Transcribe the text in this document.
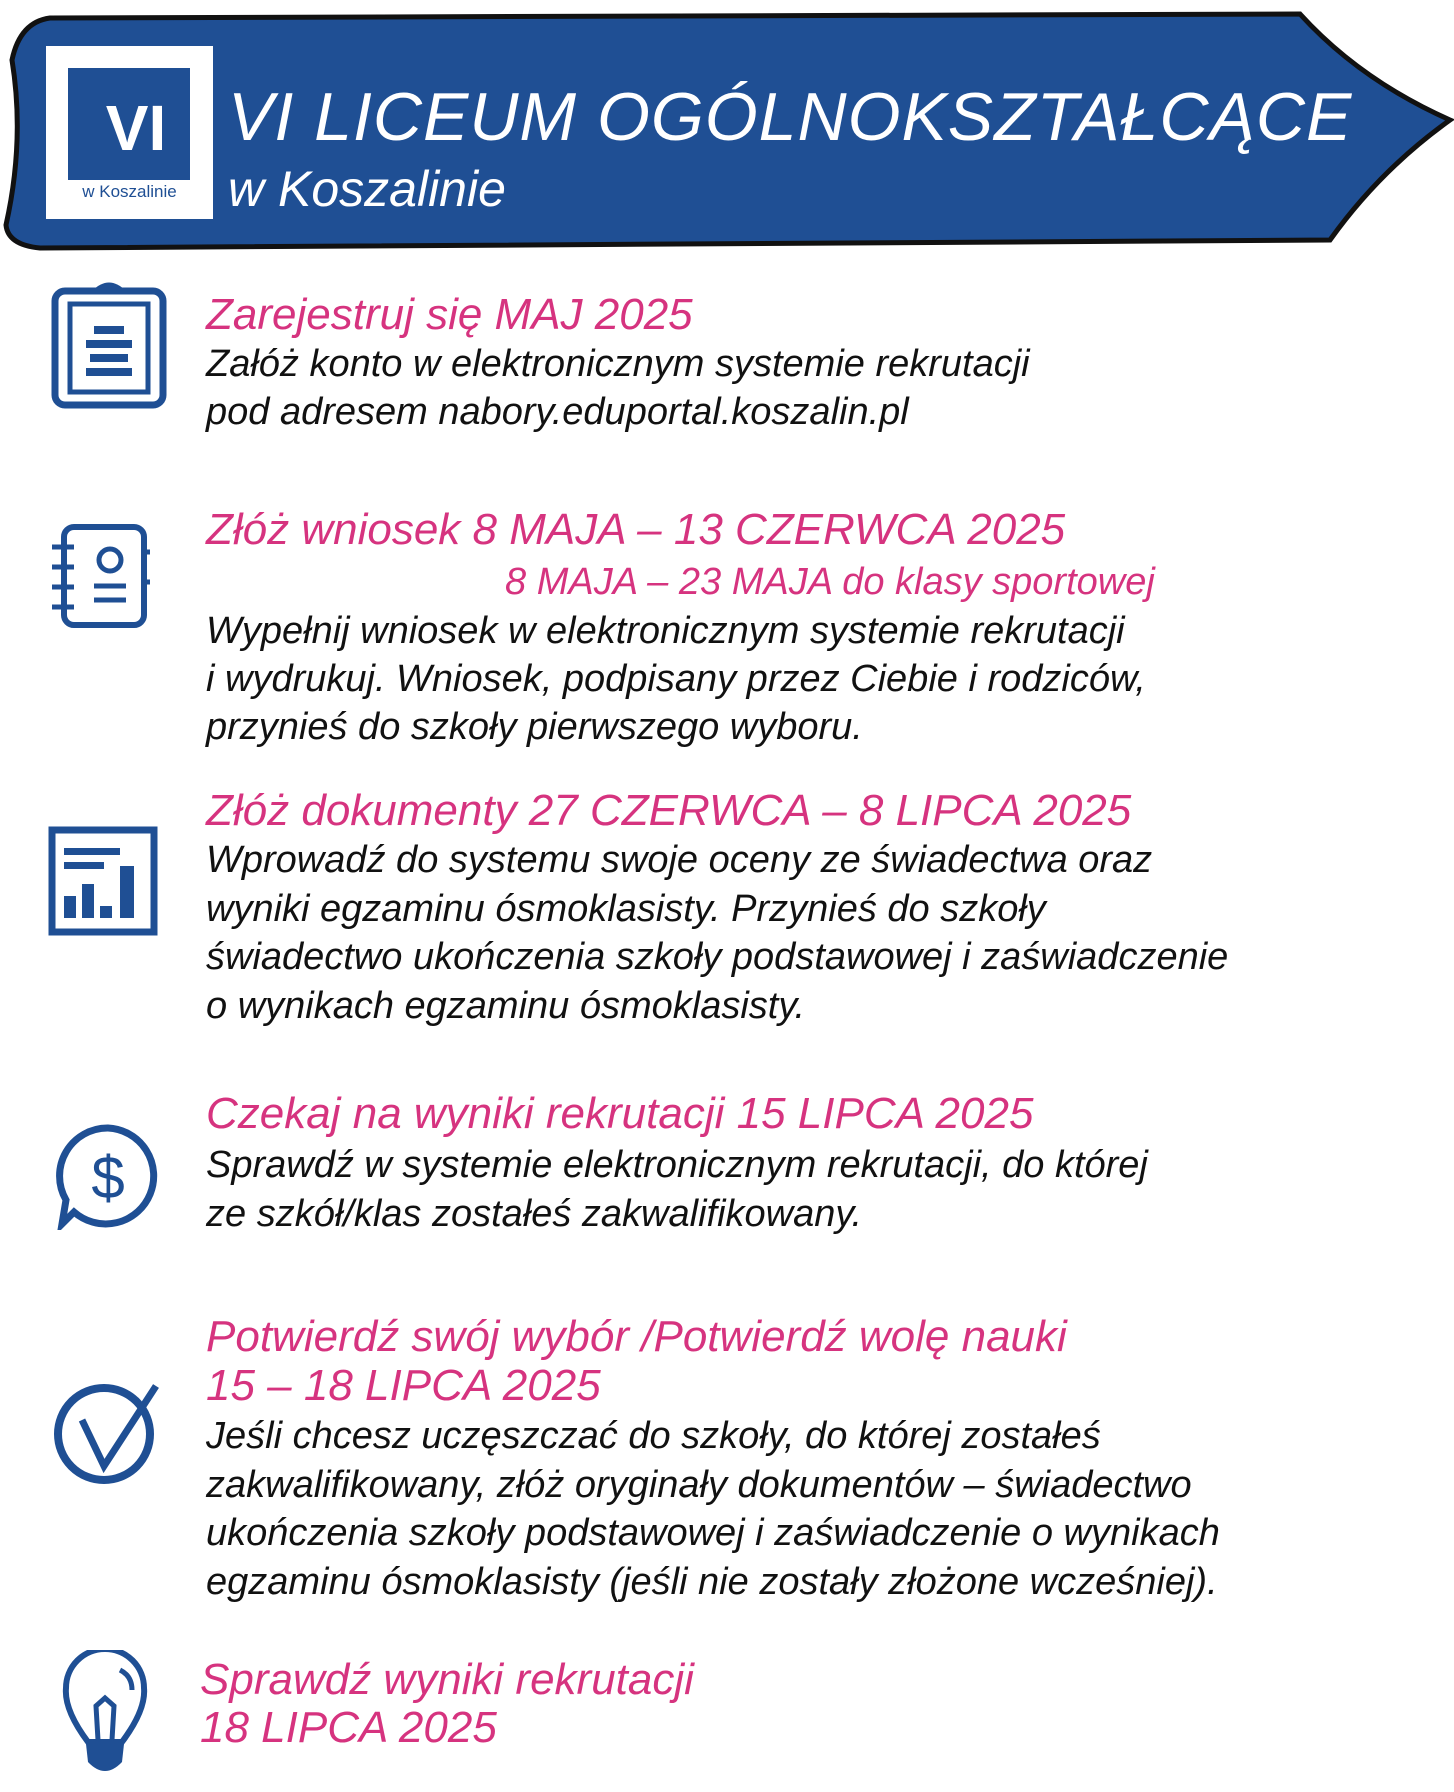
VI
w Koszalinie
VI LICEUM OGÓLNOKSZTAŁCĄCE
w Koszalinie
Zarejestruj się MAJ 2025
Załóż konto w elektronicznym systemie rekrutacji
pod adresem nabory.eduportal.koszalin.pl
Złóż wniosek 8 MAJA – 13 CZERWCA 2025
8 MAJA – 23 MAJA do klasy sportowej
Wypełnij wniosek w elektronicznym systemie rekrutacji
i wydrukuj. Wniosek, podpisany przez Ciebie i rodziców,
przynieś do szkoły pierwszego wyboru.
Złóż dokumenty 27 CZERWCA – 8 LIPCA 2025
Wprowadź do systemu swoje oceny ze świadectwa oraz
wyniki egzaminu ósmoklasisty. Przynieś do szkoły
świadectwo ukończenia szkoły podstawowej i zaświadczenie
o wynikach egzaminu ósmoklasisty.
$
Czekaj na wyniki rekrutacji 15 LIPCA 2025
Sprawdź w systemie elektronicznym rekrutacji, do której
ze szkół/klas zostałeś zakwalifikowany.
Potwierdź swój wybór /Potwierdź wolę nauki
15 – 18 LIPCA 2025
Jeśli chcesz uczęszczać do szkoły, do której zostałeś
zakwalifikowany, złóż oryginały dokumentów – świadectwo
ukończenia szkoły podstawowej i zaświadczenie o wynikach
egzaminu ósmoklasisty (jeśli nie zostały złożone wcześniej).
Sprawdź wyniki rekrutacji
18 LIPCA 2025
